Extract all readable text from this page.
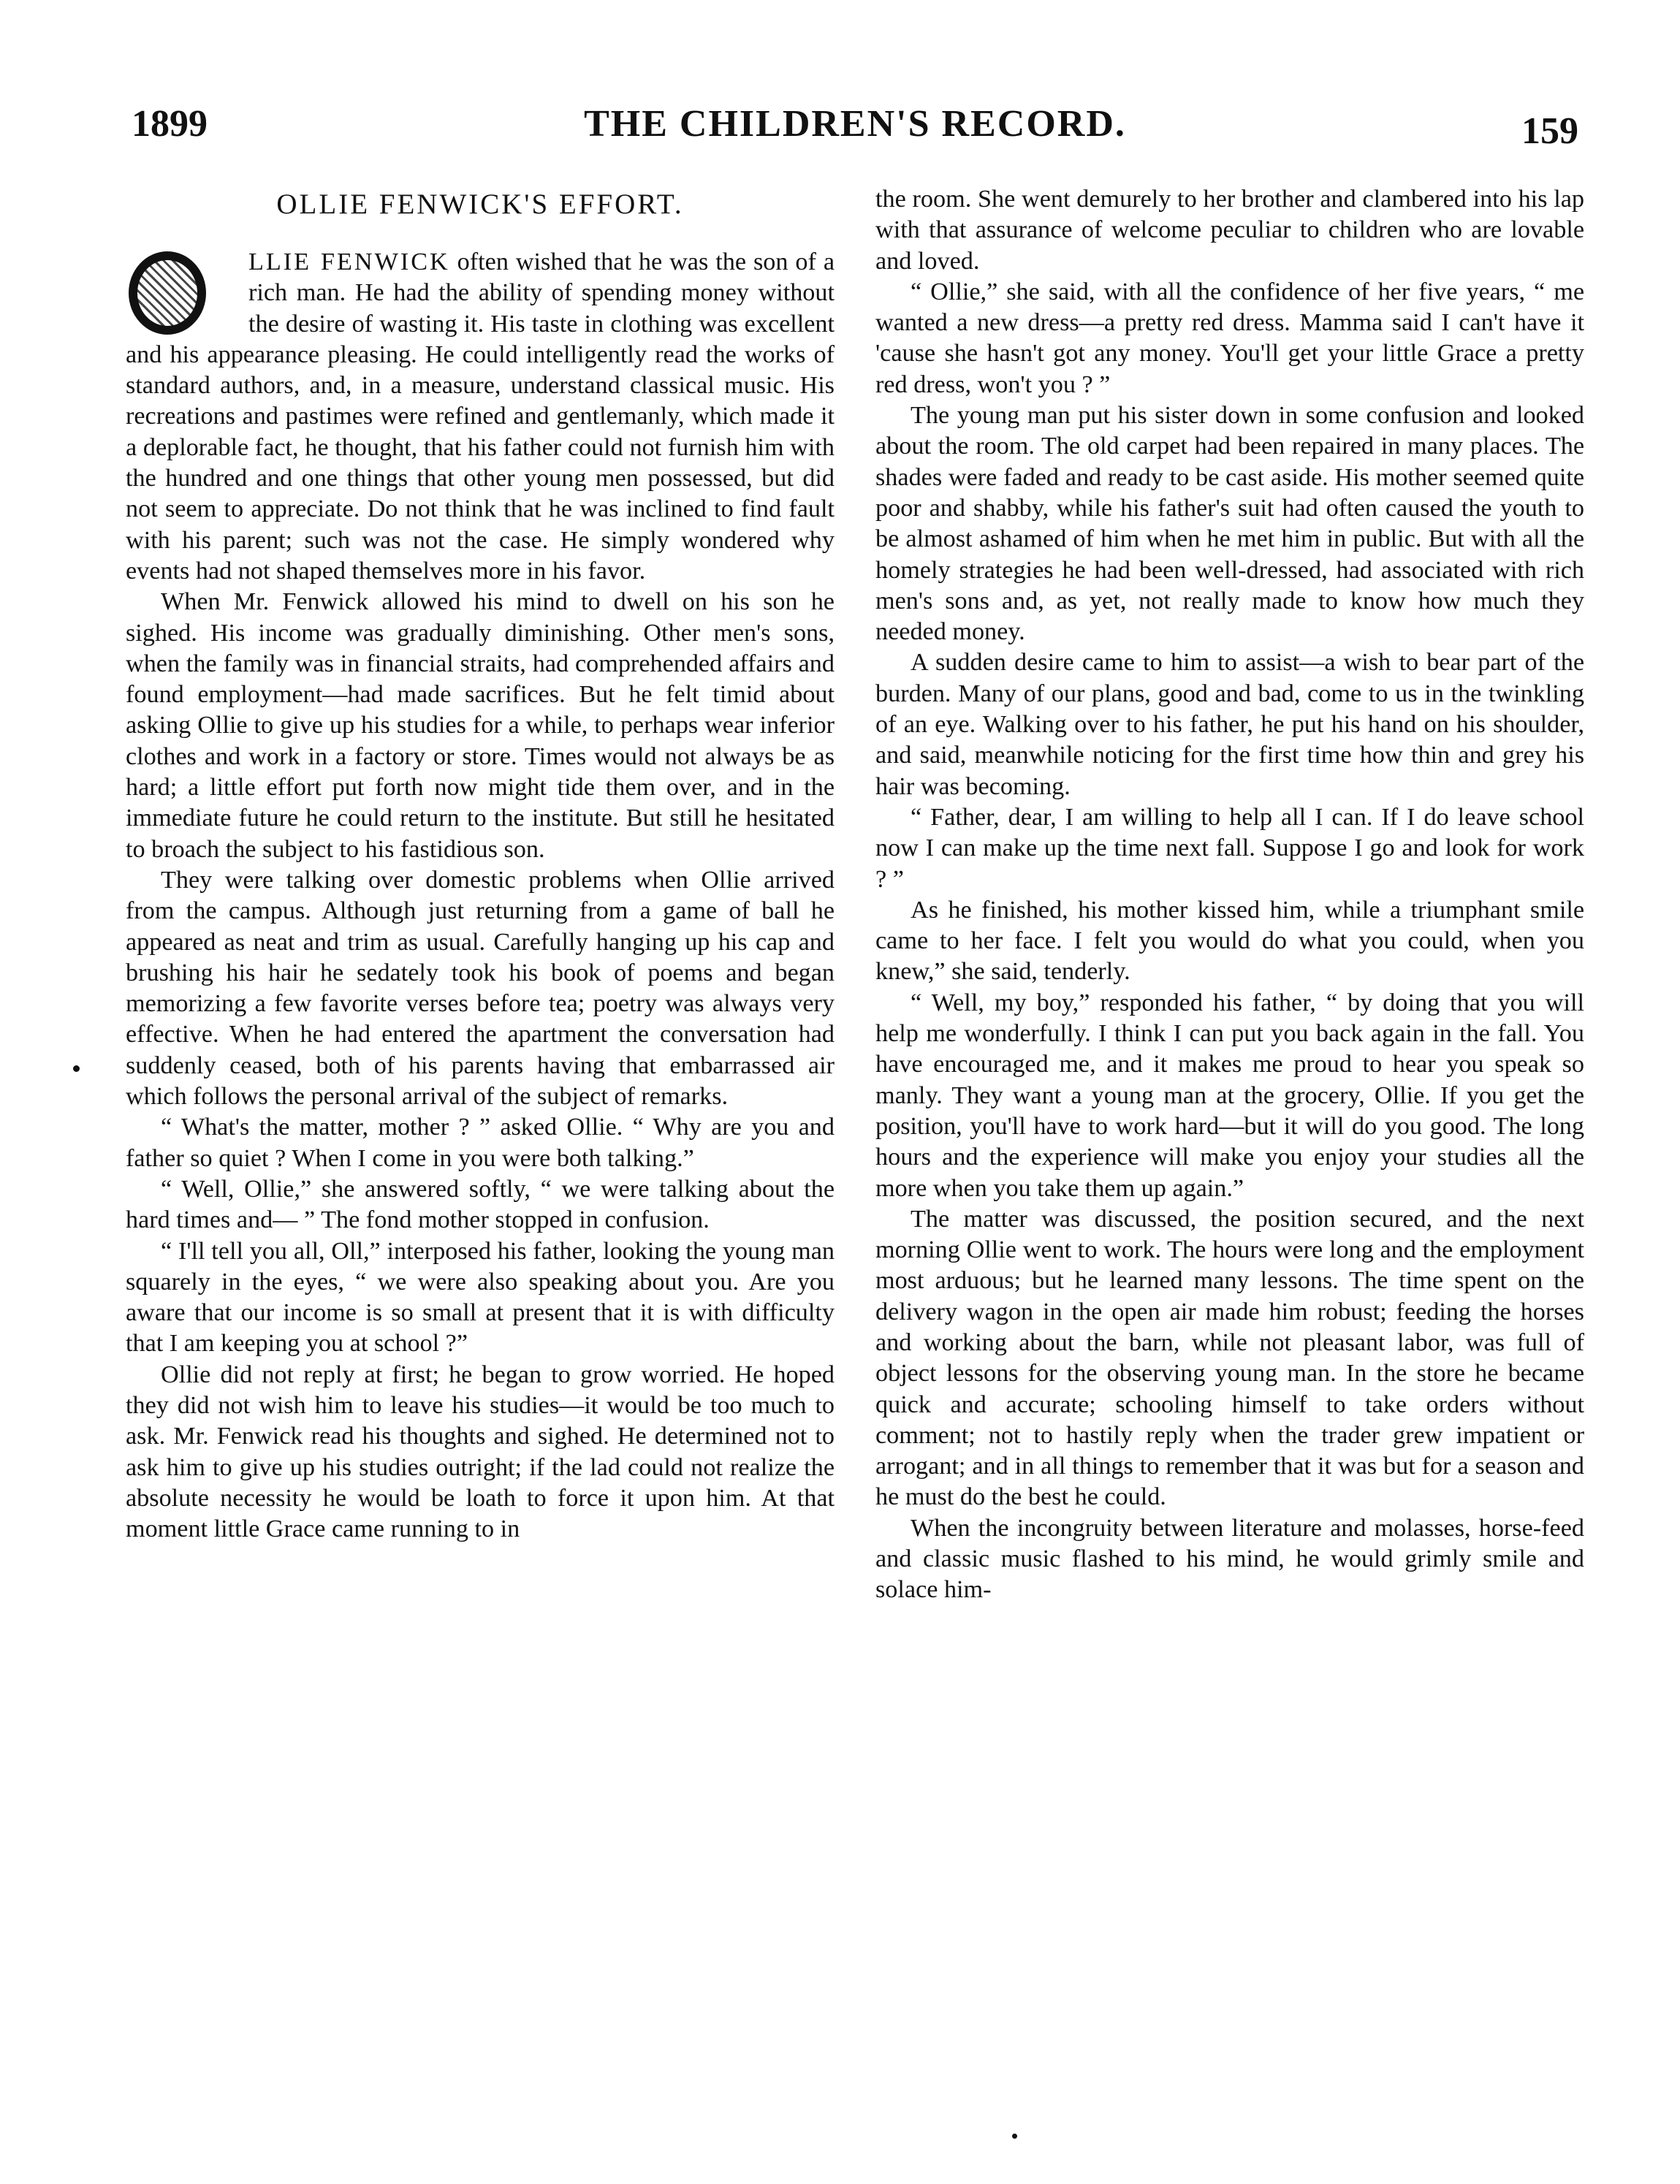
1899	THE CHILDREN'S RECORD.	159
OLLIE FENWICK'S EFFORT.

LLIE FENWICK often wished that he was the son of a rich man. He had the ability of spending money without the desire of wasting it. His taste in clothing was excellent and his appearance pleasing. He could intelligently read the works of standard authors, and, in a measure, understand classical music. His recreations and pastimes were refined and gentlemanly, which made it a deplorable fact, he thought, that his father could not furnish him with the hundred and one things that other young men possessed, but did not seem to appreciate. Do not think that he was inclined to find fault with his parent; such was not the case. He simply wondered why events had not shaped themselves more in his favor.

When Mr. Fenwick allowed his mind to dwell on his son he sighed. His income was gradually diminishing. Other men's sons, when the family was in financial straits, had comprehended affairs and found employment—had made sacrifices. But he felt timid about asking Ollie to give up his studies for a while, to perhaps wear inferior clothes and work in a factory or store. Times would not always be as hard; a little effort put forth now might tide them over, and in the immediate future he could return to the institute. But still he hesitated to broach the subject to his fastidious son.

They were talking over domestic problems when Ollie arrived from the campus. Although just returning from a game of ball he appeared as neat and trim as usual. Carefully hanging up his cap and brushing his hair he sedately took his book of poems and began memorizing a few favorite verses before tea; poetry was always very effective. When he had entered the apartment the conversation had suddenly ceased, both of his parents having that embarrassed air which follows the personal arrival of the subject of remarks.

“ What's the matter, mother ? ” asked Ollie. “ Why are you and father so quiet ? When I come in you were both talking.”

“ Well, Ollie,” she answered softly, “ we were talking about the hard times and— ” The fond mother stopped in confusion.

“ I'll tell you all, Oll,” interposed his father, looking the young man squarely in the eyes, “ we were also speaking about you. Are you aware that our income is so small at present that it is with difficulty that I am keeping you at school ?”

Ollie did not reply at first; he began to grow worried. He hoped they did not wish him to leave his studies—it would be too much to ask. Mr. Fenwick read his thoughts and sighed. He determined not to ask him to give up his studies outright; if the lad could not realize the absolute necessity he would be loath to force it upon him. At that moment little Grace came running to in

the room. She went demurely to her brother and clambered into his lap with that assurance of welcome peculiar to children who are lovable and loved.

“ Ollie,” she said, with all the confidence of her five years, “ me wanted a new dress—a pretty red dress. Mamma said I can't have it 'cause she hasn't got any money. You'll get your little Grace a pretty red dress, won't you ? ”

The young man put his sister down in some confusion and looked about the room. The old carpet had been repaired in many places. The shades were faded and ready to be cast aside. His mother seemed quite poor and shabby, while his father's suit had often caused the youth to be almost ashamed of him when he met him in public. But with all the homely strategies he had been well-dressed, had associated with rich men's sons and, as yet, not really made to know how much they needed money.

A sudden desire came to him to assist—a wish to bear part of the burden. Many of our plans, good and bad, come to us in the twinkling of an eye. Walking over to his father, he put his hand on his shoulder, and said, meanwhile noticing for the first time how thin and grey his hair was becoming.

“ Father, dear, I am willing to help all I can. If I do leave school now I can make up the time next fall. Suppose I go and look for work ? ”

As he finished, his mother kissed him, while a triumphant smile came to her face. I felt you would do what you could, when you knew,” she said, tenderly.

“ Well, my boy,” responded his father, “ by doing that you will help me wonderfully. I think I can put you back again in the fall. You have encouraged me, and it makes me proud to hear you speak so manly. They want a young man at the grocery, Ollie. If you get the position, you'll have to work hard—but it will do you good. The long hours and the experience will make you enjoy your studies all the more when you take them up again.”

The matter was discussed, the position secured, and the next morning Ollie went to work. The hours were long and the employment most arduous; but he learned many lessons. The time spent on the delivery wagon in the open air made him robust; feeding the horses and working about the barn, while not pleasant labor, was full of object lessons for the observing young man. In the store he became quick and accurate; schooling himself to take orders without comment; not to hastily reply when the trader grew impatient or arrogant; and in all things to remember that it was but for a season and he must do the best he could.

When the incongruity between literature and molasses, horse-feed and classic music flashed to his mind, he would grimly smile and solace him-
